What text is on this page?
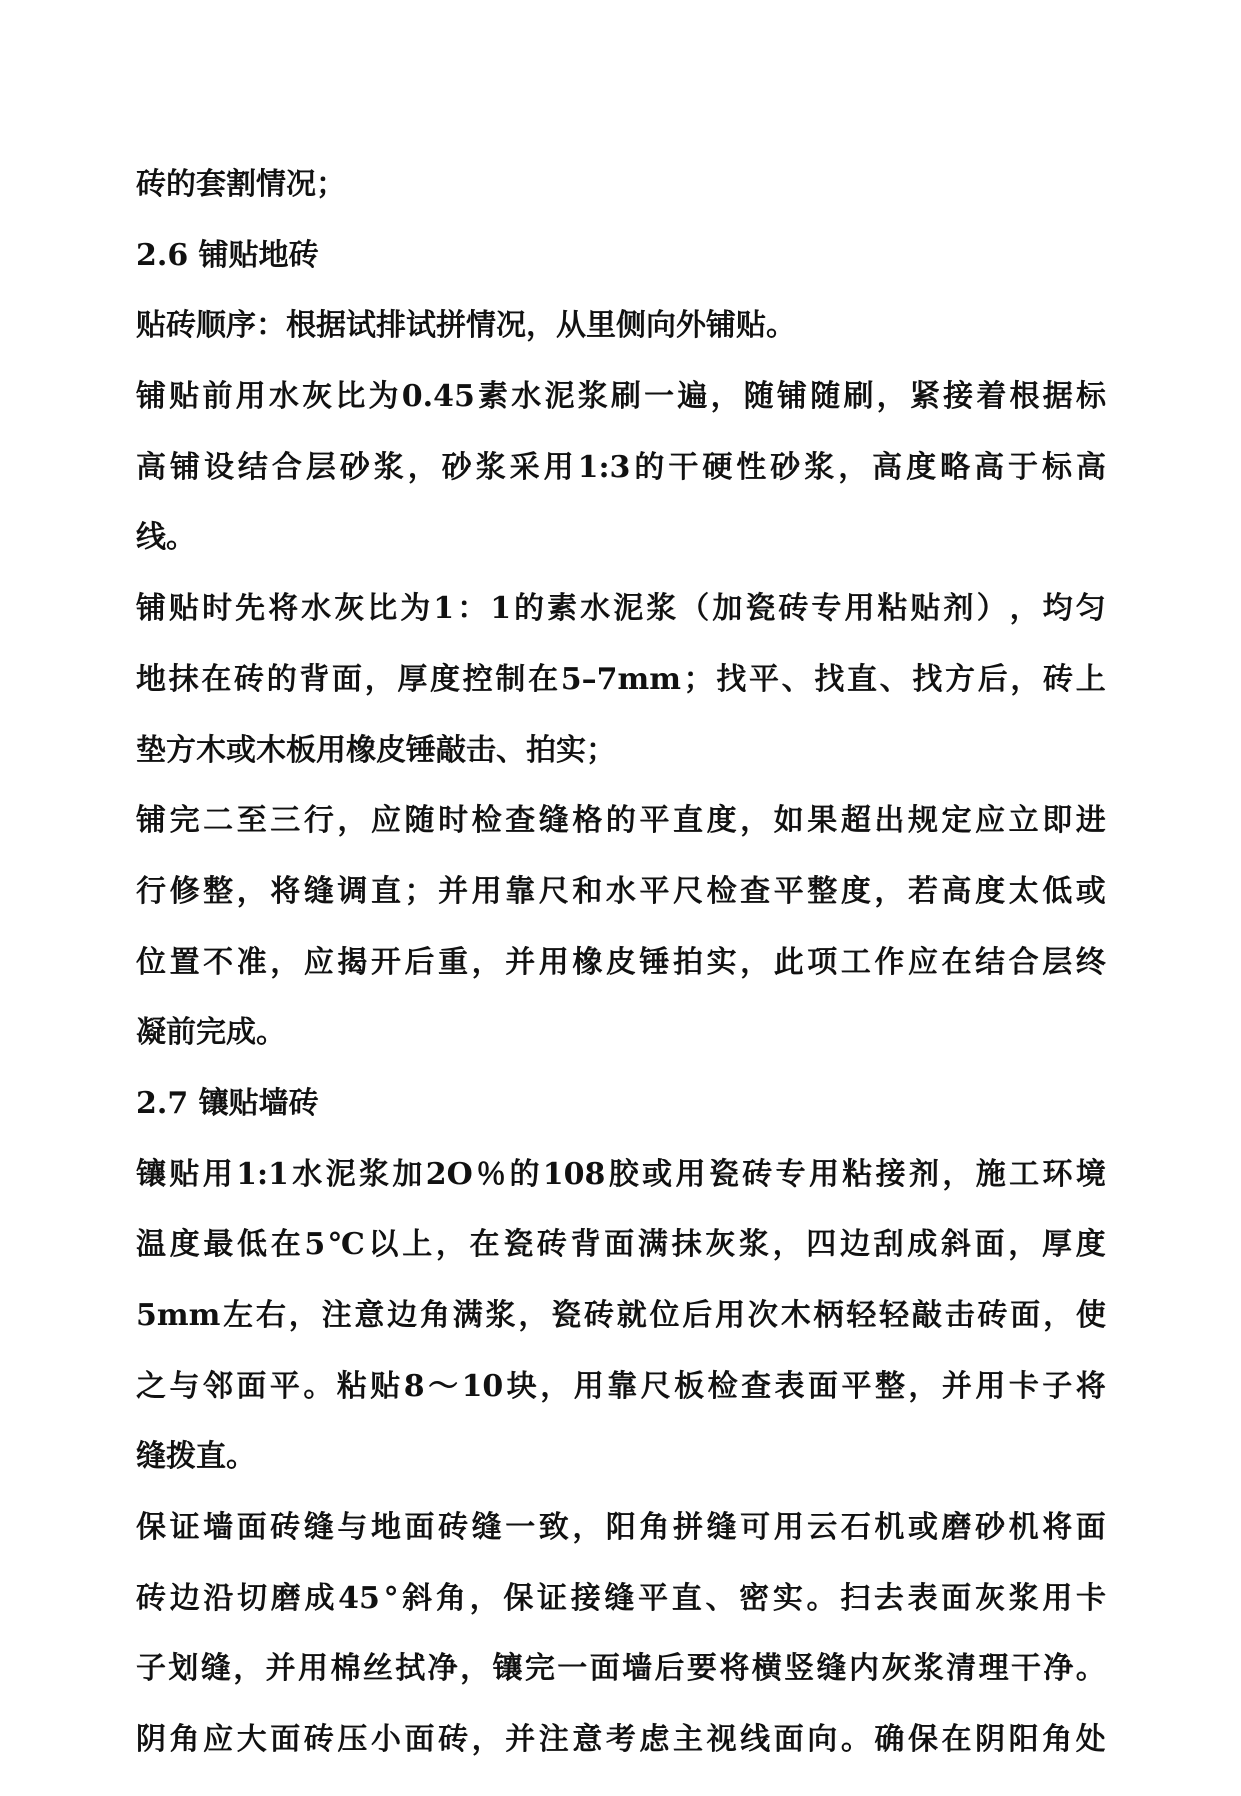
砖的套割情况；
2.6 铺贴地砖
贴砖顺序：根据试排试拼情况，从里侧向外铺贴。
铺 贴 前 用 水 灰 比 为 0.45 素 水 泥 浆 刷 一 遍 ， 随 铺 随 刷 ， 紧 接 着 根 据 标
高 铺 设 结 合 层 砂 浆 ， 砂 浆 采 用 1:3 的 干 硬 性 砂 浆 ， 高 度 略 高 于 标 高
线。
铺 贴 时 先 将 水 灰 比 为 1 ： 1 的 素 水 泥 浆 （ 加 瓷 砖 专 用 粘 贴 剂 ） ， 均 匀
地 抹 在 砖 的 背 面 ， 厚 度 控 制 在 5–7mm ； 找 平 、 找 直 、 找 方 后 ， 砖 上
垫方木或木板用橡皮锤敲击、拍实；
铺 完 二 至 三 行 ， 应 随 时 检 查 缝 格 的 平 直 度 ， 如 果 超 出 规 定 应 立 即 进
行 修 整 ， 将 缝 调 直 ； 并 用 靠 尺 和 水 平 尺 检 查 平 整 度 ， 若 高 度 太 低 或
位 置 不 准 ， 应 揭 开 后 重 ， 并 用 橡 皮 锤 拍 实 ， 此 项 工 作 应 在 结 合 层 终
凝前完成。
2.7 镶贴墙砖
镶 贴 用 1:1 水 泥 浆 加 2O ％ 的 108 胶 或 用 瓷 砖 专 用 粘 接 剂 ， 施 工 环 境
温 度 最 低 在 5 ℃ 以 上 ， 在 瓷 砖 背 面 满 抹 灰 浆 ， 四 边 刮 成 斜 面 ， 厚 度
5mm 左 右 ， 注 意 边 角 满 浆 ， 瓷 砖 就 位 后 用 次 木 柄 轻 轻 敲 击 砖 面 ， 使
之 与 邻 面 平 。 粘 贴 8 ～ 10 块 ， 用 靠 尺 板 检 查 表 面 平 整 ， 并 用 卡 子 将
缝拨直。
保 证 墙 面 砖 缝 与 地 面 砖 缝 一 致 ， 阳 角 拼 缝 可 用 云 石 机 或 磨 砂 机 将 面
砖 边 沿 切 磨 成 45 ° 斜 角 ， 保 证 接 缝 平 直 、 密 实 。 扫 去 表 面 灰 浆 用 卡
子 划 缝 ， 并 用 棉 丝 拭 净 ， 镶 完 一 面 墙 后 要 将 横 竖 缝 内 灰 浆 清 理 干 净 。
阴 角 应 大 面 砖 压 小 面 砖 ， 并 注 意 考 虑 主 视 线 面 向 。 确 保 在 阴 阳 角 处
